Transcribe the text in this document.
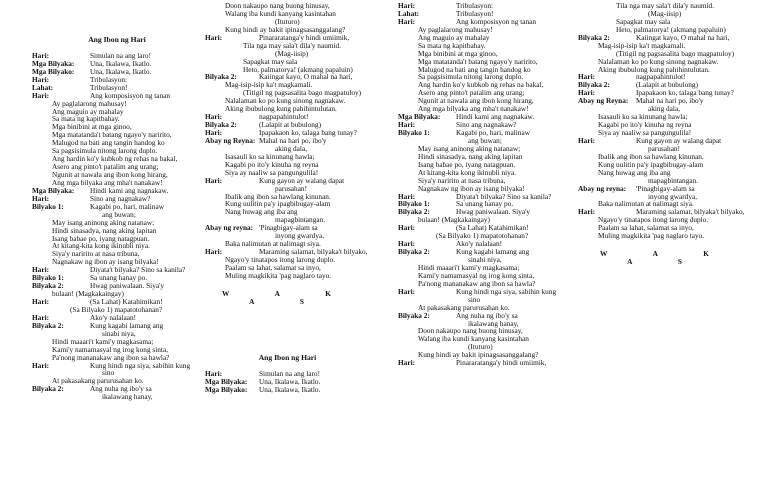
Ang Ibon ng Hari
Hari:	Simulan na ang laro!
Mga Bilyaka: Una, Ikalawa, Ikatlo.
Mga Bilyako: Una, Ikalawa, Ikatlo.
Hari:	Tribulasyon:
Lahat:	Tribulasyon!
Hari:	Ang komposisyon ng tanan
Ay paglalarong mahusay!
Ang maguio ay mahalay
Sa mata ng kapitbahay.
Mga binibini at mga ginoo,
Mga matatanda't batang ngayo'y naririto,
Malugod na bati ang tangin handog ko
Sa pagsisimula nitong larong duplo.
Ang hardin ko'y kubkob ng rehas na bakal,
Asero ang pinto't patalim ang urang;
Ngunit at nawala ang ibon kong hirang,
Ang mga bilyaka ang mha't nanakaw!
Mga Bilyaka: Hindi kami ang nagnakaw.
Hari:	Sino ang nagnakaw?
Bilyako 1:	Kagabi po, hari, malinaw
ang buwan;
May isang aninong aking natanaw;
Hindi sinasadya, nang aking lapitan
Isang babae po, iyang natagpuan.
At kitang-kita kong ikinubli niya.
Siya'y naririto at nasa tribuna,
Nagnakaw ng ibon ay isang bilyaka!
Hari:	Diyata't bilyaka? Sino sa kanila?
Bilyako 1:	Sa unang hanay po.
Bilyaka 2:	Hwag paniwalaan. Siya'y
bulaan! (Magkakaingay)
Hari:	(Sa Lahat) Katahimikan!
(Sa Bilyako 1) mapatotohanan?
Hari:	Ako'y nalalaan!
Bilyaka 2:	Kung kagabi lamang ang
sinabi niya,
Hindi maaari't kami'y magkasama;
Kami'y namamasyal ng irog kong sinta,
Pa'nong mananakaw ang ibon sa hawla?
Hari:	Kung hindi nga siya, sabihin kung
sino
At pakasakang parurusahan ko.
Bilyaka 2:	Ang nuha ng ibo'y sa
ikalawang hanay,
Doon nakaupo nang buong hinusay,
Walang iba kundi kanyang kasintahan
(Ituturo)
Kung hindi ay bakit ipinagsasanggalang?
Hari:	Pinararatanga'y hindi umiimik,
Tila nga may sala't dila'y naumid.
(Mag-iisip)
Sapagkat may sala
Heto, palmatorya! (akmang papaluin)
Bilyaka 2:	Kaiingat kayo, O mahal na hari,
Mag-isip-isip ka't magkamali.
(Titigil ng pagsasalita bago magpatuloy)
Nalalaman ko po kung sinong nagnakaw.
Aking ibubulong kung pahihintulutan.
Hari:	nagpapahintulot!
Bilyaka 2:	(Lalapit at bubulong)
Hari:	Ipapakaon ko, talaga bang tunay?
Abay ng Reyna: Mahal na hari po, ibo'y
aking dala,
Isasauli ko sa kinunang hawla;
Kagabi po ito'y kinuha ng reyna
Siya ay naaliw sa pangungulila!
Hari:	Kung gayon ay walang dapat
parusahan!
Ibalik ang ibon sa hawlang kinunan.
Kung uulitin pa'y ipagbibugay-alam
Nang huwag ang iba ang
mapagbintangan.
Abay ng reyna: 'Pinagbigay-alam sa
inyong gwardya,
Baka nalimutan at nalimagt siya.
Hari:	Maraming salamat, bilyaka't bilyako,
Ngayo'y tinatapos itong larong duplo.
Paalam sa lahat, salamat sa inyo,
Muling magkikita 'pag naglaro tayo.
W A K A S
Ang Ibon ng Hari
Hari:	Simulan na ang laro!
Mga Bilyaka: Una, Ikalawa, Ikatlo.
Mga Bilyako: Una, Ikalawa, Ikatlo.
Hari:	Tribulasyon:
Lahat:	Tribulasyon!
Hari:	Ang komposisyon ng tanan
Ay paglalarong mahusay!
Ang maguio ay mahalay
Sa mata ng kapitbahay.
Mga binibini at mga ginoo,
Mga matatanda't batang ngayo'y naririto,
Malugod na bati ang tangin handog ko
Sa pagsisimula nitong larong duplo.
Ang hardin ko'y kubkob ng rehas na bakal,
Asero ang pinto't patalim ang urang;
Ngunit at nawala ang ibon kong hirang,
Ang mga bilyaka ang mha't nanakaw!
Mga Bilyaka: Hindi kami ang nagnakaw.
Hari:	Sino ang nagnakaw?
Bilyako 1:	Kagabi po, hari, malinaw
ang buwan;
May isang aninong aking natanaw;
Hindi sinasadya, nang aking lapitan
Isang babae po, iyang natagpuan.
At kitang-kita kong ikinubli niya.
Siya'y naririto at nasa tribuna,
Nagnakaw ng ibon ay isang bilyaka!
Hari:	Diyata't bilyaka? Sino sa kanila?
Bilyako 1:	Sa unang hanay po.
Bilyaka 2:	Hwag paniwalaan. Siya'y
bulaan! (Magkakaingay)
Hari:	(Sa Lahat) Katahimikan!
(Sa Bilyako 1) mapatotohanan?
Hari:	Ako'y nalalaan!
Bilyaka 2:	Kung kagabi lamang ang
sinabi niya,
Hindi maaari't kami'y magkasama;
Kami'y namamasyal ng irog kong sinta,
Pa'nong mananakaw ang ibon sa hawla?
Hari:	Kung hindi nga siya, sabihin kung
sino
At pakasakang parurusahan ko.
Bilyaka 2:	Ang nuha ng ibo'y sa
ikalawang hanay,
Doon nakaupo nang buong hinusay,
Walang iba kundi kanyang kasintahan
(Ituturo)
Kung hindi ay bakit ipinagsasanggalang?
Hari:	Pinararatanga'y hindi umiimik,
Tila nga may sala't dila'y naumid.
(Mag-iisip)
Sapagkat may sala
Heto, palmatorya! (akmang papaluin)
Bilyaka 2:	Kaiingat kayo, O mahal na hari,
Mag-isip-isip ka't magkamali.
(Titigil ng pagsasalita bago magpatuloy)
Nalalaman ko po kung sinong nagnakaw.
Aking ibubulong kung pahihintulutan.
Hari:	nagpapahintulot!
Bilyaka 2:	(Lalapit at bubulong)
Hari:	Ipapakaon ko, talaga bang tunay?
Abay ng Reyna: Mahal na hari po, ibo'y
aking dala,
Isasauli ko sa kinunang hawla;
Kagabi po ito'y kinuha ng reyna
Siya ay naaliw sa pangungulila!
Hari:	Kung gayon ay walang dapat
parusahan!
Ibalik ang ibon sa hawlang kinunan.
Kung uulitin pa'y ipagbibugay-alam
Nang huwag ang iba ang
mapagbintangan.
Abay ng reyna: 'Pinagbigay-alam sa
inyong gwardya,
Baka nalimutan at nalimagt siya.
Hari:	Maraming salamat, bilyaka't bilyako,
Ngayo'y tinatapos itong larong duplo.
Paalam sa lahat, salamat sa inyo,
Muling magkikita 'pag naglaro tayo.
W A K A S
